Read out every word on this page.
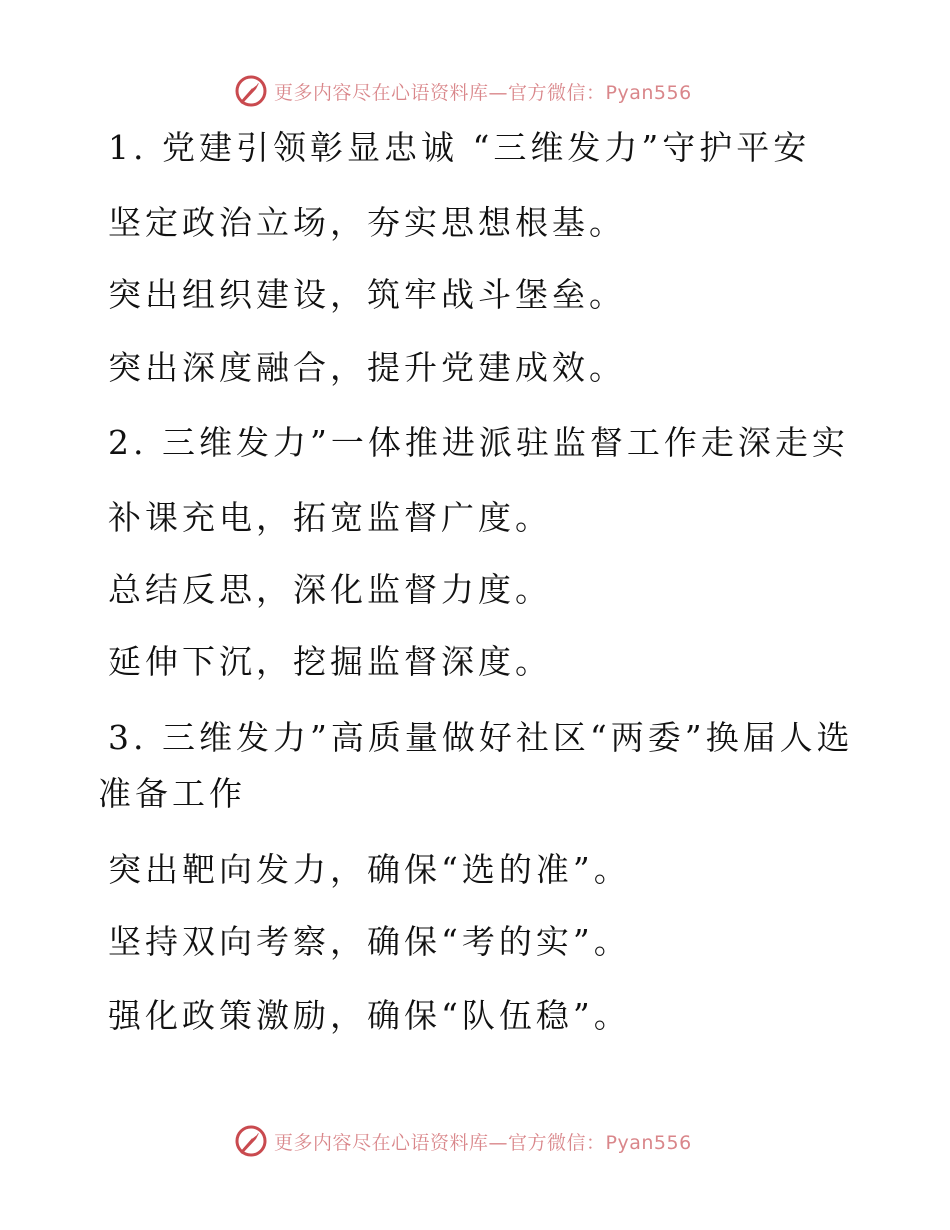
更多内容尽在心语资料库—官方微信：Pyan556
1. 党建引领彰显忠诚 “三维发力”守护平安
坚定政治立场，夯实思想根基。
突出组织建设，筑牢战斗堡垒。
突出深度融合，提升党建成效。
2. 三维发力”一体推进派驻监督工作走深走实
补课充电，拓宽监督广度。
总结反思，深化监督力度。
延伸下沉，挖掘监督深度。
3. 三维发力”高质量做好社区“两委”换届人选准备工作
突出靶向发力，确保“选的准”。
坚持双向考察，确保“考的实”。
强化政策激励，确保“队伍稳”。
更多内容尽在心语资料库—官方微信：Pyan556
